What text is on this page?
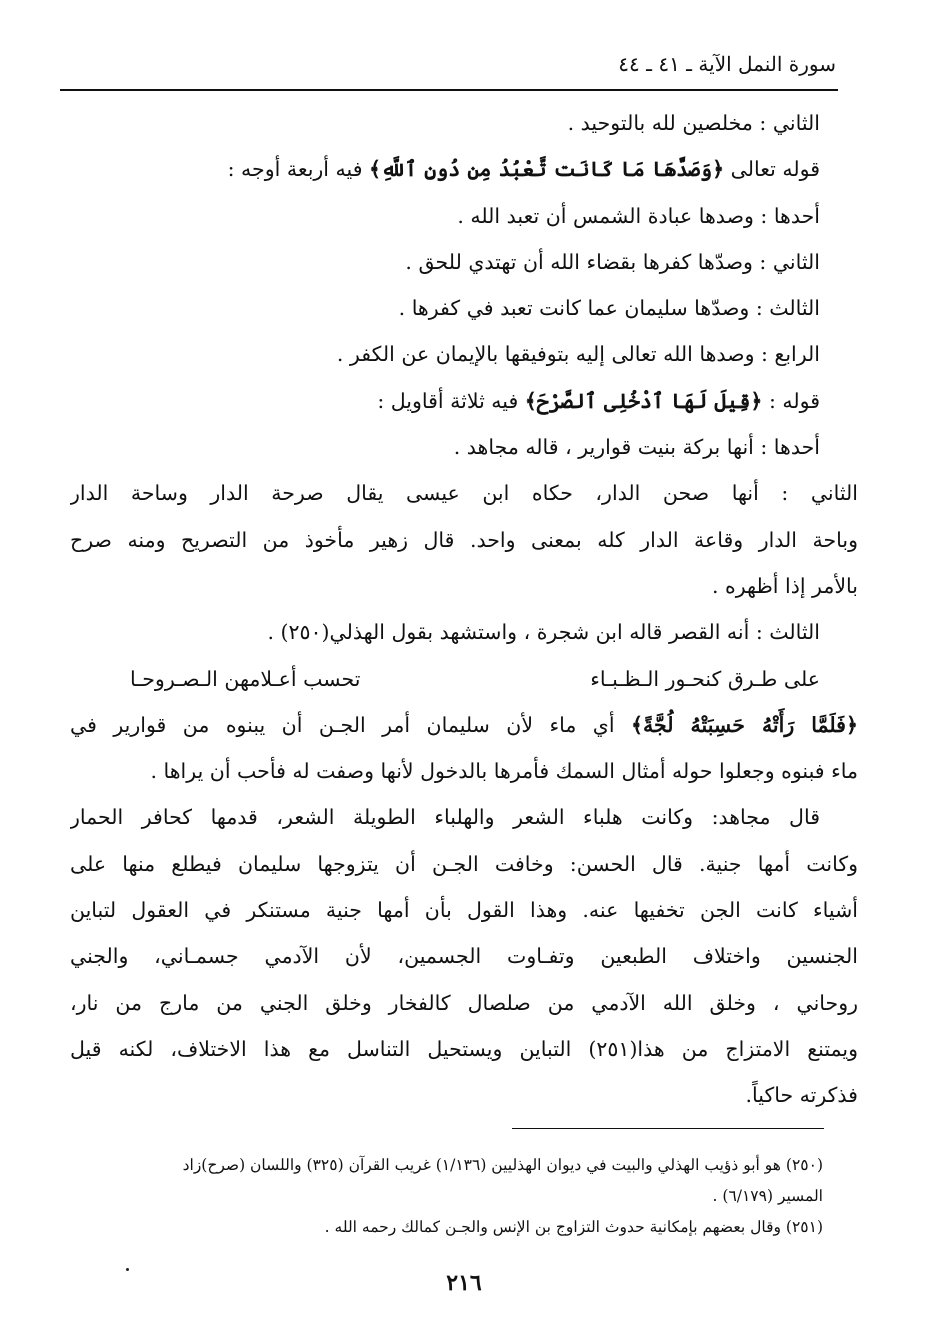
سورة النمل الآية ـ ٤١ ـ ٤٤
الثاني : مخلصين لله بالتوحيد .
قوله تعالى ﴿وَصَدَّهَا مَا كَانَت تَّعْبُدُ مِن دُونِ ٱللَّهِ﴾ فيه أربعة أوجه :
أحدها : وصدها عبادة الشمس أن تعبد الله .
الثاني : وصدّها كفرها بقضاء الله أن تهتدي للحق .
الثالث : وصدّها سليمان عما كانت تعبد في كفرها .
الرابع : وصدها الله تعالى إليه بتوفيقها بالإيمان عن الكفر .
قوله : ﴿قِيلَ لَهَا ٱدْخُلِى ٱلصَّرْحَ﴾ فيه ثلاثة أقاويل :
أحدها : أنها بركة بنيت قوارير ، قاله مجاهد .
الثاني : أنها صحن الدار، حكاه ابن عيسى يقال صرحة الدار وساحة الدار
وباحة الدار وقاعة الدار كله بمعنى واحد. قال زهير مأخوذ من التصريح ومنه صرح
بالأمر إذا أظهره .
الثالث : أنه القصر قاله ابن شجرة ، واستشهد بقول الهذلي(٢٥٠) .
على طـرق كنحـور الـظـبـاء
تحسب أعـلامهن الـصـروحـا
﴿فَلَمَّا رَأَتْهُ حَسِبَتْهُ لُجَّةً﴾ أي ماء لأن سليمان أمر الجـن أن يبنوه من قوارير في
ماء فبنوه وجعلوا حوله أمثال السمك فأمرها بالدخول لأنها وصفت له فأحب أن يراها .
قال مجاهد: وكانت هلباء الشعر والهلباء الطويلة الشعر، قدمها كحافر الحمار
وكانت أمها جنية. قال الحسن: وخافت الجـن أن يتزوجها سليمان فيطلع منها على
أشياء كانت الجن تخفيها عنه. وهذا القول بأن أمها جنية مستنكر في العقول لتباين
الجنسين واختلاف الطبعين وتفـاوت الجسمين، لأن الآدمي جسمـاني، والجني
روحاني ، وخلق الله الآدمي من صلصال كالفخار وخلق الجني من مارج من نار،
ويمتنع الامتزاج من هذا(٢٥١) التباين ويستحيل التناسل مع هذا الاختلاف، لكنه قيل
فذكرته حاكياً.
(٢٥٠) هو أبو ذؤيب الهذلي والبيت في ديوان الهذليين (١/١٣٦) غريب القرآن (٣٢٥) واللسان (صرح)زاد
المسير (٦/١٧٩) .
(٢٥١) وقال بعضهم بإمكانية حدوث التزاوج بن الإنس والجـن كمالك رحمه الله .
٢١٦
